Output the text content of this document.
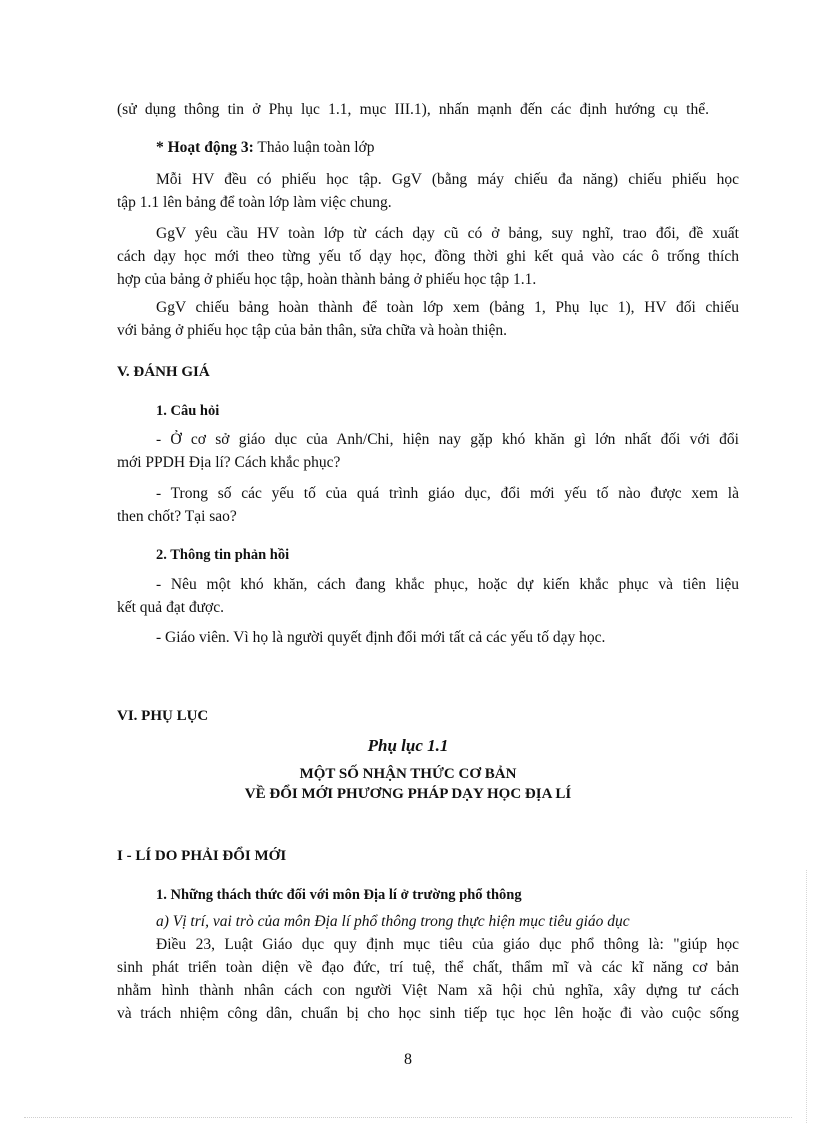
(sử dụng thông tin ở Phụ lục 1.1, mục III.1), nhấn mạnh đến các định hướng cụ thể.
* Hoạt động 3: Thảo luận toàn lớp
Mỗi HV đều có phiếu học tập. GgV (bằng máy chiếu đa năng) chiếu phiếu học
tập 1.1 lên bảng để toàn lớp làm việc chung.
GgV yêu cầu HV toàn lớp từ cách dạy cũ có ở bảng, suy nghĩ, trao đổi, đề xuất
cách dạy học mới theo từng yếu tố dạy học, đồng thời ghi kết quả vào các ô trống thích
hợp của bảng ở phiếu học tập, hoàn thành bảng ở phiếu học tập 1.1.
GgV chiếu bảng hoàn thành để toàn lớp xem (bảng 1, Phụ lục 1), HV đối chiếu
với bảng ở phiếu học tập của bản thân, sửa chữa và hoàn thiện.
V. ĐÁNH GIÁ
1. Câu hỏi
- Ở cơ sở giáo dục của Anh/Chi, hiện nay gặp khó khăn gì lớn nhất đối với đổi
mới PPDH Địa lí? Cách khắc phục?
- Trong số các yếu tố của quá trình giáo dục, đổi mới yếu tố nào được xem là
then chốt? Tại sao?
2. Thông tin phản hồi
- Nêu một khó khăn, cách đang khắc phục, hoặc dự kiến khắc phục và tiên liệu
kết quả đạt được.
- Giáo viên. Vì họ là người quyết định đổi mới tất cả các yếu tố dạy học.
VI. PHỤ LỤC
Phụ lục 1.1
MỘT SỐ NHẬN THỨC CƠ BẢN
VỀ ĐỔI MỚI PHƯƠNG PHÁP DẠY HỌC ĐỊA LÍ
I - LÍ DO PHẢI ĐỔI MỚI
1. Những thách thức đối với môn Địa lí ở trường phổ thông
a) Vị trí, vai trò của môn Địa lí phổ thông trong thực hiện mục tiêu giáo dục
Điều 23, Luật Giáo dục quy định mục tiêu của giáo dục phổ thông là: "giúp học
sinh phát triển toàn diện về đạo đức, trí tuệ, thể chất, thẩm mĩ và các kĩ năng cơ bản
nhằm hình thành nhân cách con người Việt Nam xã hội chủ nghĩa, xây dựng tư cách
và trách nhiệm công dân, chuẩn bị cho học sinh tiếp tục học lên hoặc đi vào cuộc sống
8
